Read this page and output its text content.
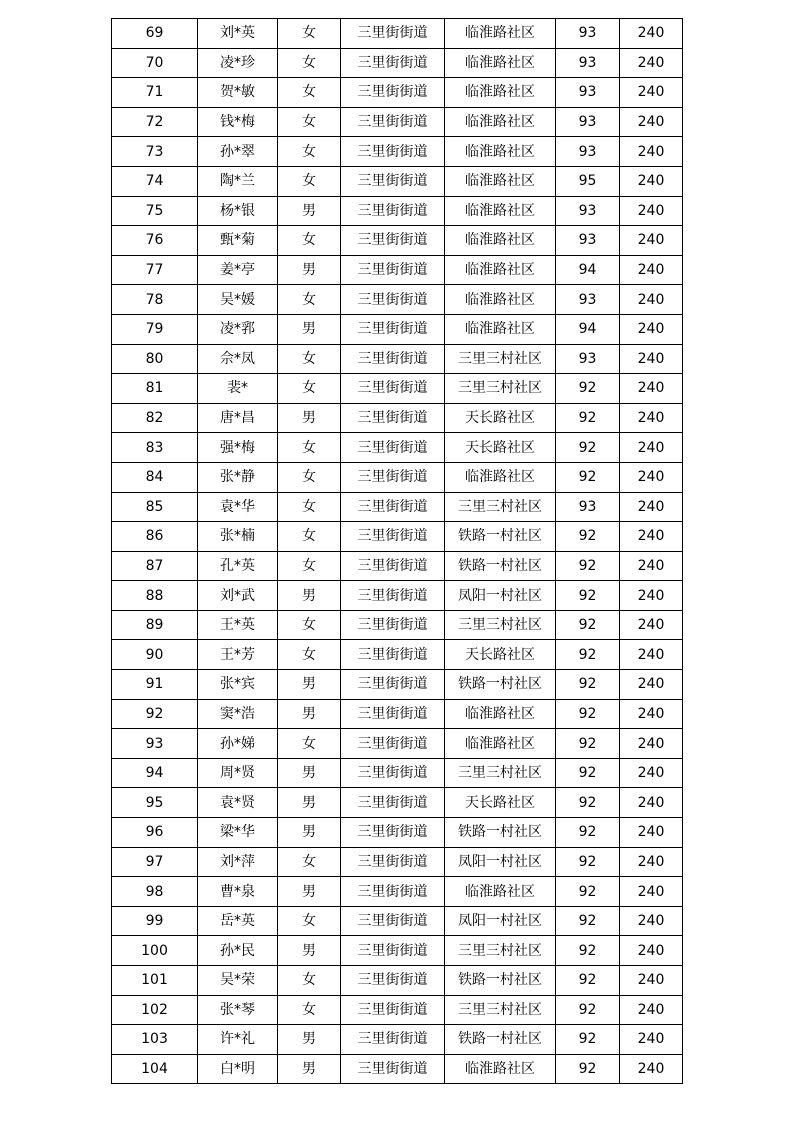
69	刘*英	女	三里街街道	临淮路社区	93	240
70	凌*珍	女	三里街街道	临淮路社区	93	240
71	贺*敏	女	三里街街道	临淮路社区	93	240
72	钱*梅	女	三里街街道	临淮路社区	93	240
73	孙*翠	女	三里街街道	临淮路社区	93	240
74	陶*兰	女	三里街街道	临淮路社区	95	240
75	杨*银	男	三里街街道	临淮路社区	93	240
76	甄*菊	女	三里街街道	临淮路社区	93	240
77	姜*亭	男	三里街街道	临淮路社区	94	240
78	吴*媛	女	三里街街道	临淮路社区	93	240
79	凌*郛	男	三里街街道	临淮路社区	94	240
80	佘*凤	女	三里街街道	三里三村社区	93	240
81	裴*	女	三里街街道	三里三村社区	92	240
82	唐*昌	男	三里街街道	天长路社区	92	240
83	强*梅	女	三里街街道	天长路社区	92	240
84	张*静	女	三里街街道	临淮路社区	92	240
85	袁*华	女	三里街街道	三里三村社区	93	240
86	张*楠	女	三里街街道	铁路一村社区	92	240
87	孔*英	女	三里街街道	铁路一村社区	92	240
88	刘*武	男	三里街街道	凤阳一村社区	92	240
89	王*英	女	三里街街道	三里三村社区	92	240
90	王*芳	女	三里街街道	天长路社区	92	240
91	张*宾	男	三里街街道	铁路一村社区	92	240
92	窦*浩	男	三里街街道	临淮路社区	92	240
93	孙*娣	女	三里街街道	临淮路社区	92	240
94	周*贤	男	三里街街道	三里三村社区	92	240
95	袁*贤	男	三里街街道	天长路社区	92	240
96	梁*华	男	三里街街道	铁路一村社区	92	240
97	刘*萍	女	三里街街道	凤阳一村社区	92	240
98	曹*泉	男	三里街街道	临淮路社区	92	240
99	岳*英	女	三里街街道	凤阳一村社区	92	240
100	孙*民	男	三里街街道	三里三村社区	92	240
101	吴*荣	女	三里街街道	铁路一村社区	92	240
102	张*琴	女	三里街街道	三里三村社区	92	240
103	许*礼	男	三里街街道	铁路一村社区	92	240
104	白*明	男	三里街街道	临淮路社区	92	240
